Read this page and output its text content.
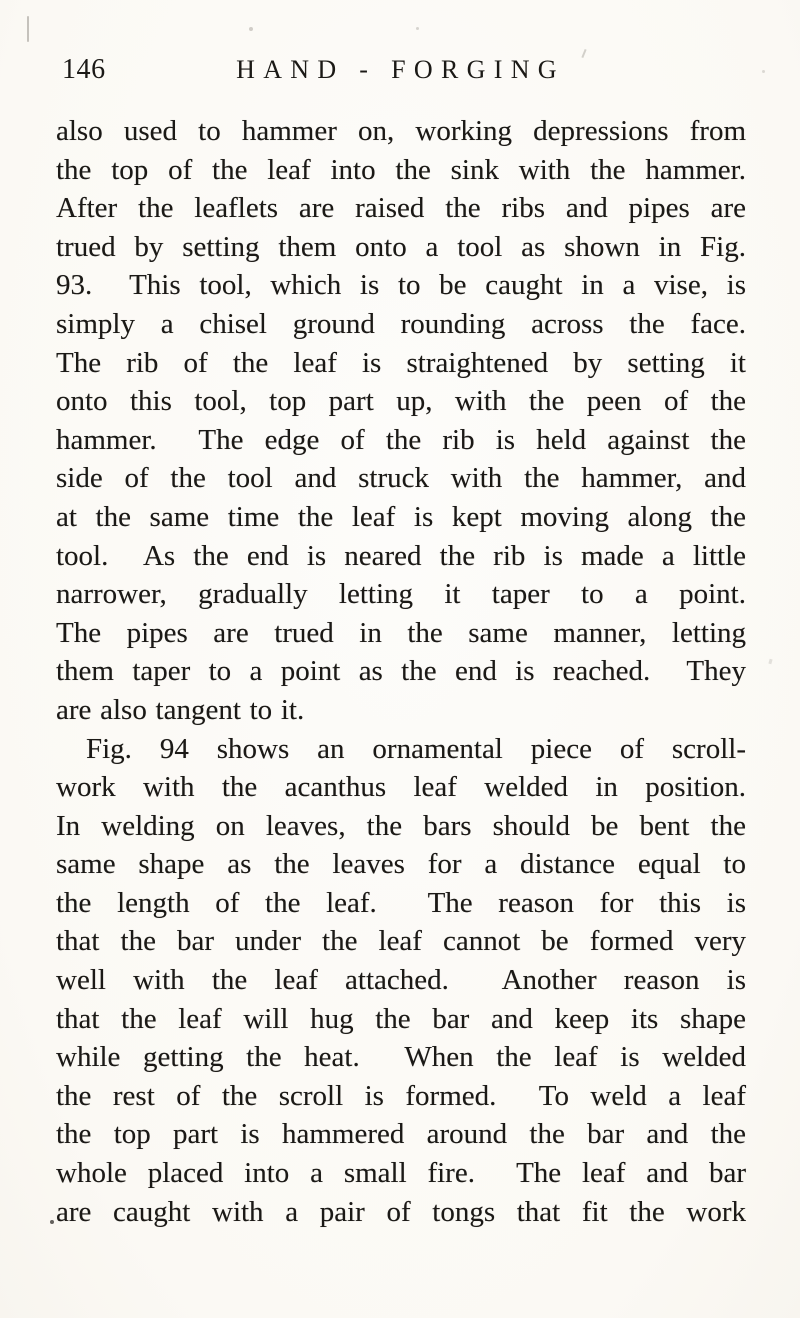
146	HAND - FORGING
also used to hammer on, working depressions from
the top of the leaf into the sink with the hammer.
After the leaflets are raised the ribs and pipes are
trued by setting them onto a tool as shown in Fig.
93.  This tool, which is to be caught in a vise, is
simply a chisel ground rounding across the face.
The rib of the leaf is straightened by setting it
onto this tool, top part up, with the peen of the
hammer.  The edge of the rib is held against the
side of the tool and struck with the hammer, and
at the same time the leaf is kept moving along the
tool.  As the end is neared the rib is made a little
narrower, gradually letting it taper to a point.
The pipes are trued in the same manner, letting
them taper to a point as the end is reached.  They
are also tangent to it.
Fig. 94 shows an ornamental piece of scroll-
work with the acanthus leaf welded in position.
In welding on leaves, the bars should be bent the
same shape as the leaves for a distance equal to
the length of the leaf.  The reason for this is
that the bar under the leaf cannot be formed very
well with the leaf attached.  Another reason is
that the leaf will hug the bar and keep its shape
while getting the heat.  When the leaf is welded
the rest of the scroll is formed.  To weld a leaf
the top part is hammered around the bar and the
whole placed into a small fire.  The leaf and bar
are caught with a pair of tongs that fit the work
